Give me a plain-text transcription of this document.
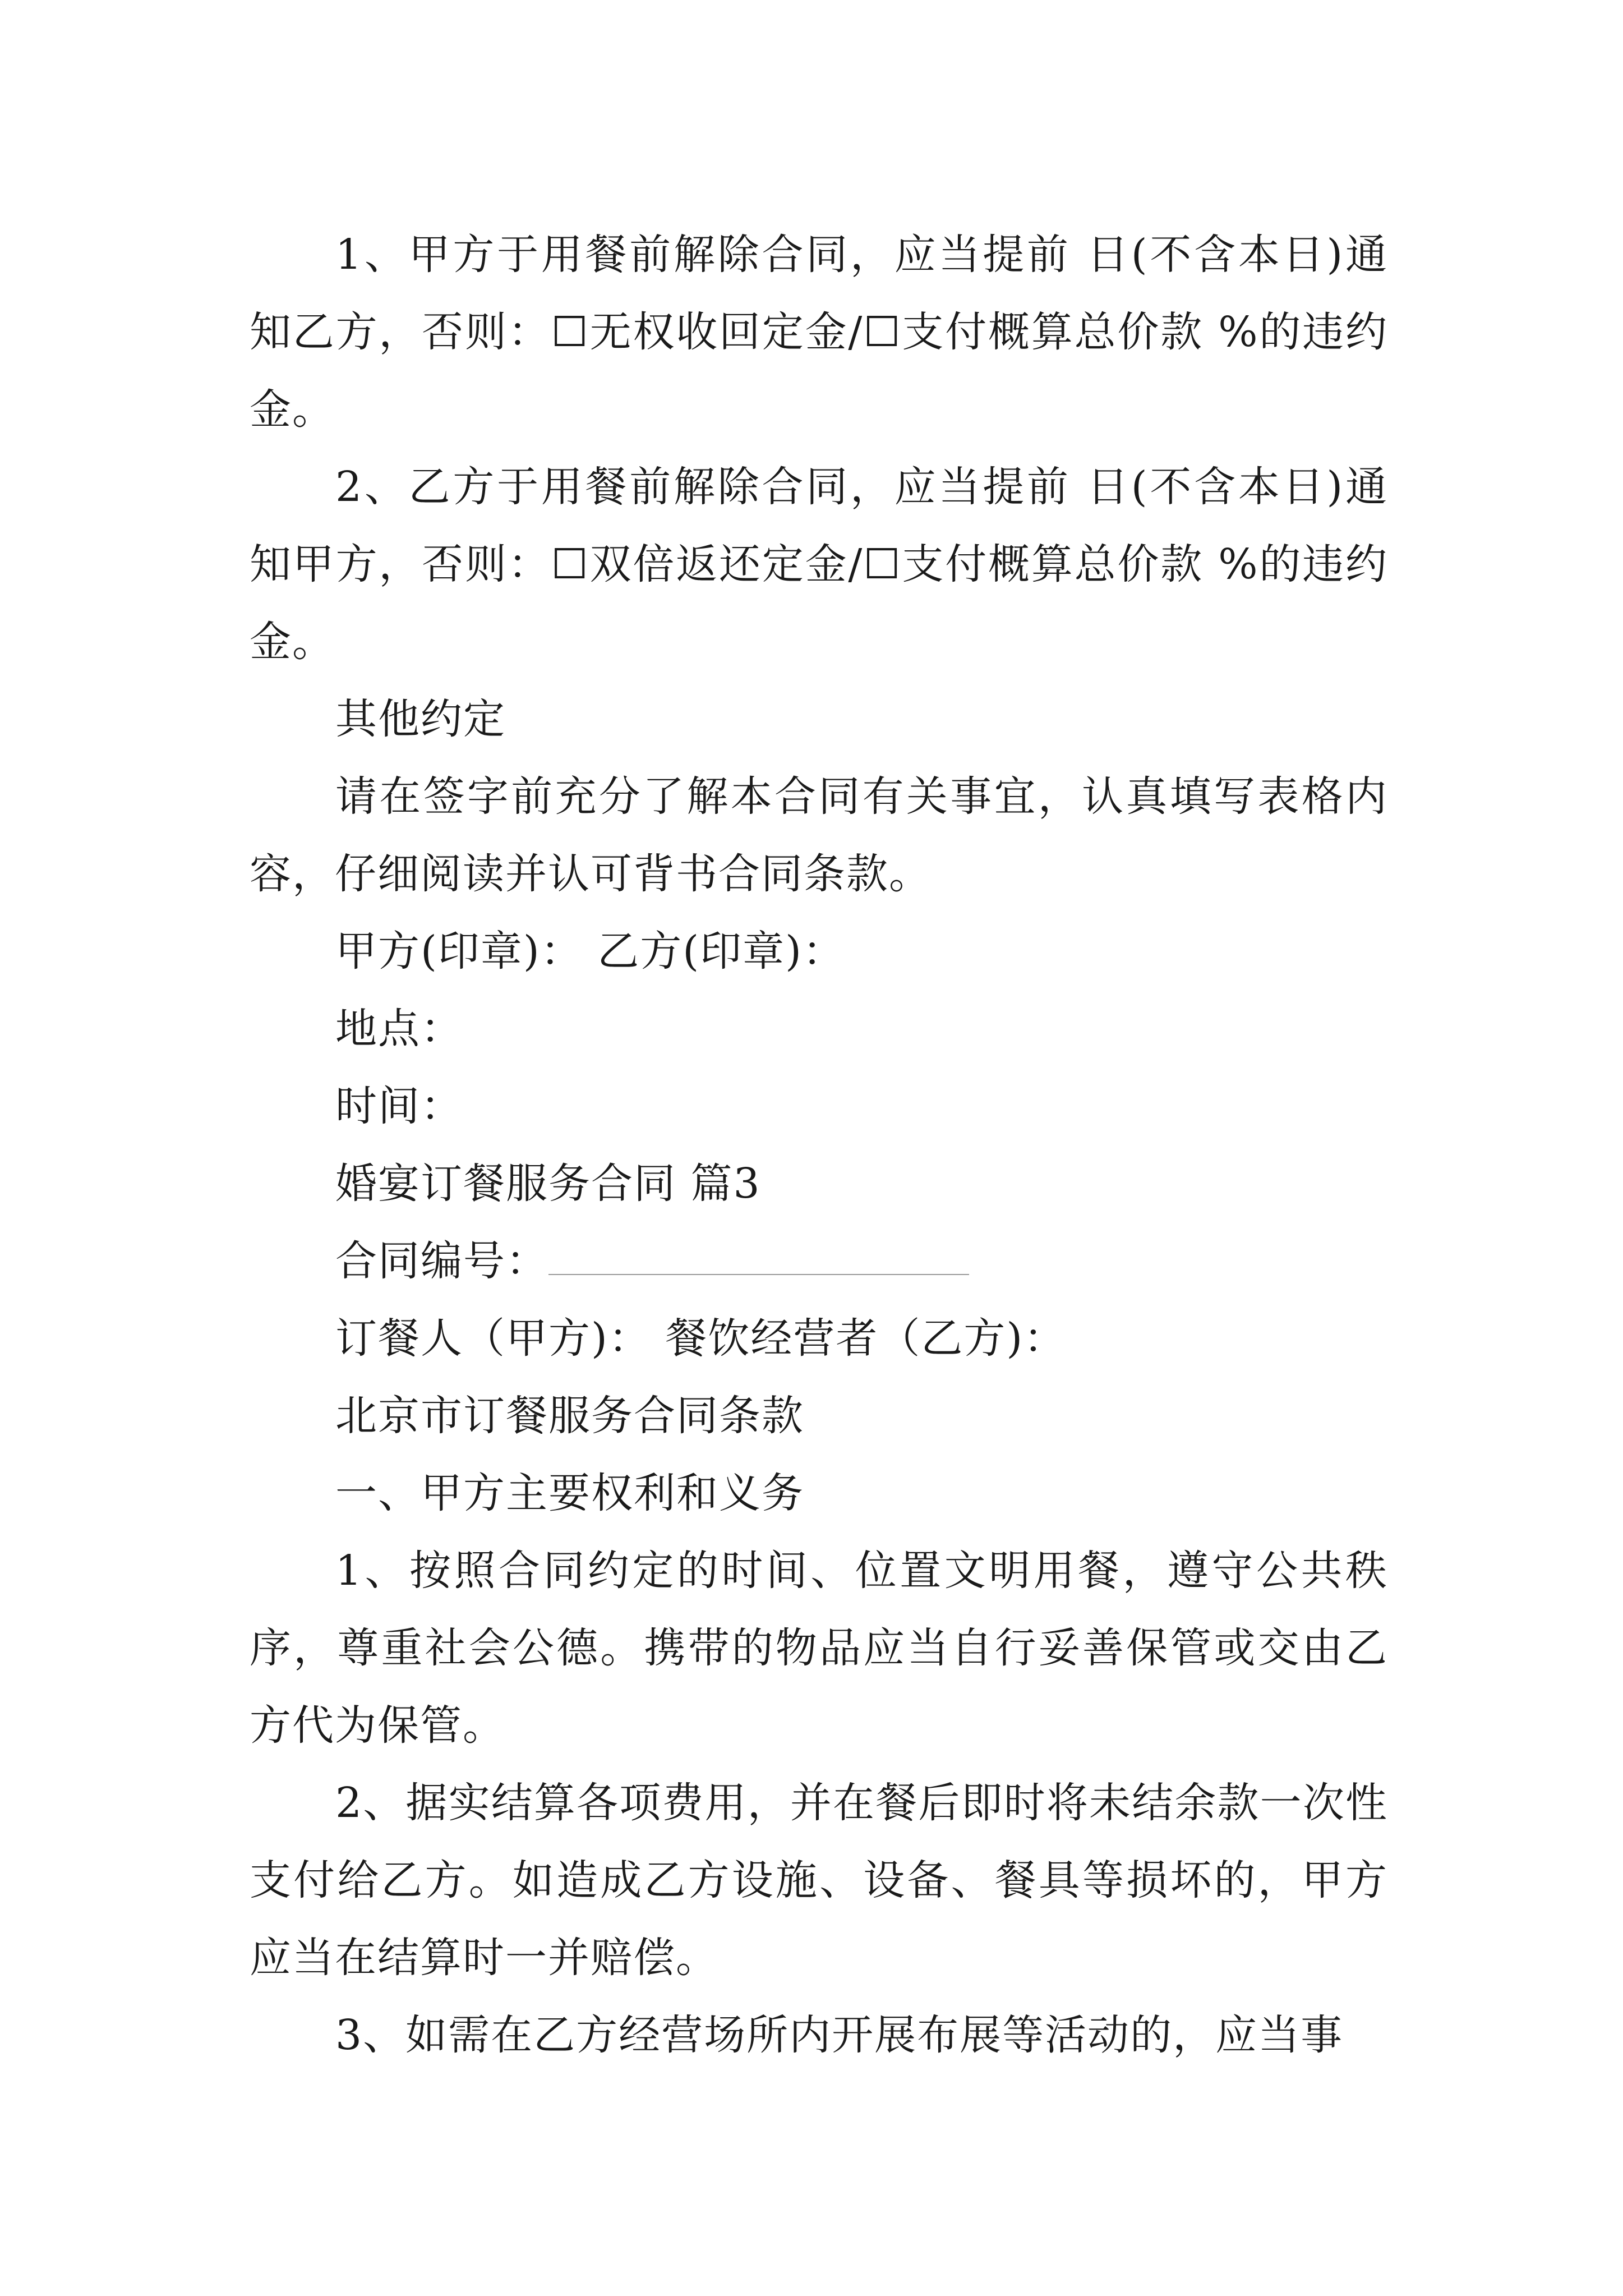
1、甲方于用餐前解除合同，应当提前 日(不含本日)通知乙方，否则：☐无权收回定金/☐支付概算总价款 %的违约金。

2、乙方于用餐前解除合同，应当提前 日(不含本日)通知甲方，否则：☐双倍返还定金/☐支付概算总价款 %的违约金。

其他约定

请在签字前充分了解本合同有关事宜，认真填写表格内容，仔细阅读并认可背书合同条款。

甲方(印章)： 乙方(印章)：

地点：

时间：

婚宴订餐服务合同 篇3

合同编号：

订餐人（甲方)： 餐饮经营者（乙方)：

北京市订餐服务合同条款

一、甲方主要权利和义务

1、按照合同约定的时间、位置文明用餐，遵守公共秩序，尊重社会公德。携带的物品应当自行妥善保管或交由乙方代为保管。

2、据实结算各项费用，并在餐后即时将未结余款一次性支付给乙方。如造成乙方设施、设备、餐具等损坏的，甲方应当在结算时一并赔偿。

3、如需在乙方经营场所内开展布展等活动的，应当事
